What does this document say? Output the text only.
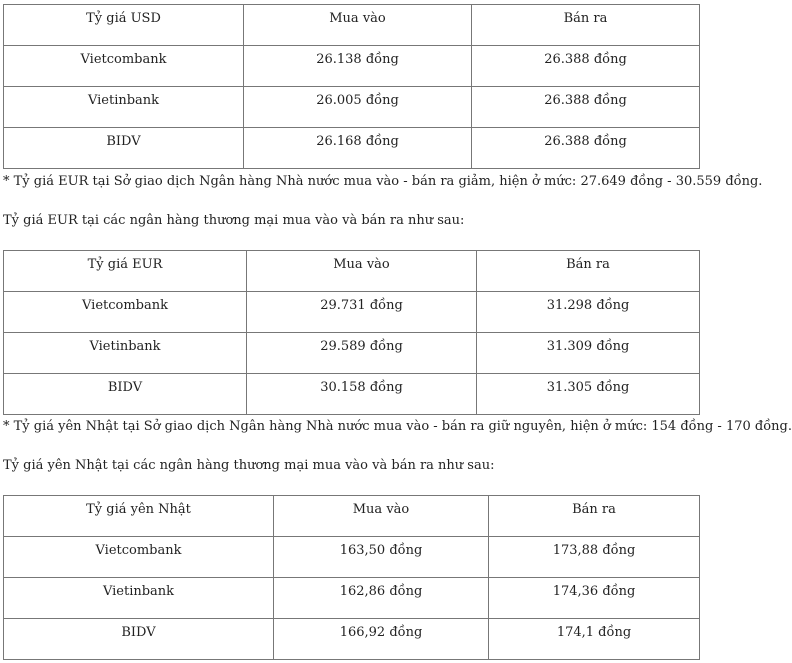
Tỷ giá USD	Mua vào	Bán ra

Vietcombank	26.138 đồng	26.388 đồng

Vietinbank	26.005 đồng	26.388 đồng

BIDV	26.168 đồng	26.388 đồng

* Tỷ giá EUR tại Sở giao dịch Ngân hàng Nhà nước mua vào - bán ra giảm, hiện ở mức: 27.649 đồng - 30.559 đồng.

Tỷ giá EUR tại các ngân hàng thương mại mua vào và bán ra như sau:

Tỷ giá EUR	Mua vào	Bán ra

Vietcombank	29.731 đồng	31.298 đồng

Vietinbank	29.589 đồng	31.309 đồng

BIDV	30.158 đồng	31.305 đồng

* Tỷ giá yên Nhật tại Sở giao dịch Ngân hàng Nhà nước mua vào - bán ra giữ nguyên, hiện ở mức: 154 đồng - 170 đồng.

Tỷ giá yên Nhật tại các ngân hàng thương mại mua vào và bán ra như sau:

Tỷ giá yên Nhật	Mua vào	Bán ra

Vietcombank	163,50 đồng	173,88 đồng

Vietinbank	162,86 đồng	174,36 đồng

BIDV	166,92 đồng	174,1 đồng
